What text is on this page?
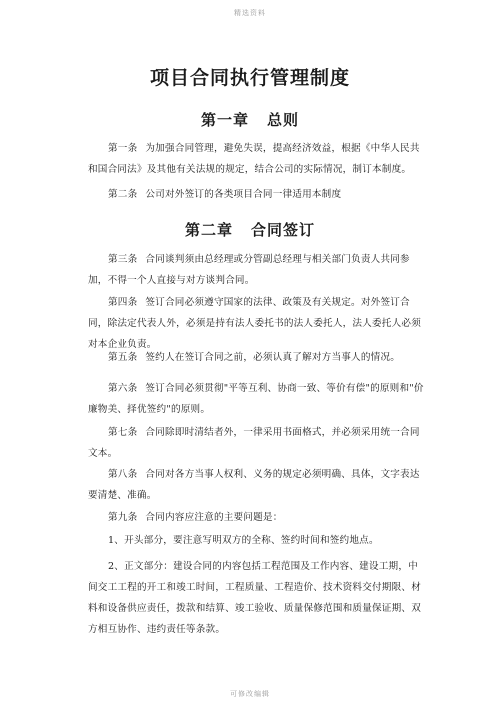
精选资料
项目合同执行管理制度
第一章 总则
第一条 为加强合同管理，避免失误，提高经济效益，根据《中华人民共和国合同法》及其他有关法规的规定，结合公司的实际情况，制订本制度。
第二条 公司对外签订的各类项目合同一律适用本制度
第二章 合同签订
第三条 合同谈判须由总经理或分管副总经理与相关部门负责人共同参加，不得一个人直接与对方谈判合同。
第四条 签订合同必须遵守国家的法律、政策及有关规定。对外签订合同，除法定代表人外，必须是持有法人委托书的法人委托人，法人委托人必须对本企业负责。
第五条 签约人在签订合同之前，必须认真了解对方当事人的情况。
第六条 签订合同必须贯彻"平等互利、协商一致、等价有偿"的原则和"价廉物美、择优签约"的原则。
第七条 合同除即时清结者外，一律采用书面格式，并必须采用统一合同文本。
第八条 合同对各方当事人权利、义务的规定必须明确、具体，文字表达要清楚、准确。
第九条 合同内容应注意的主要问题是：
1、开头部分，要注意写明双方的全称、签约时间和签约地点。
2、正文部分：建设合同的内容包括工程范围及工作内容、建设工期，中间交工工程的开工和竣工时间，工程质量、工程造价、技术资料交付期限、材料和设备供应责任，拨款和结算、竣工验收、质量保修范围和质量保证期、双方相互协作、违约责任等条款。
可修改编辑
